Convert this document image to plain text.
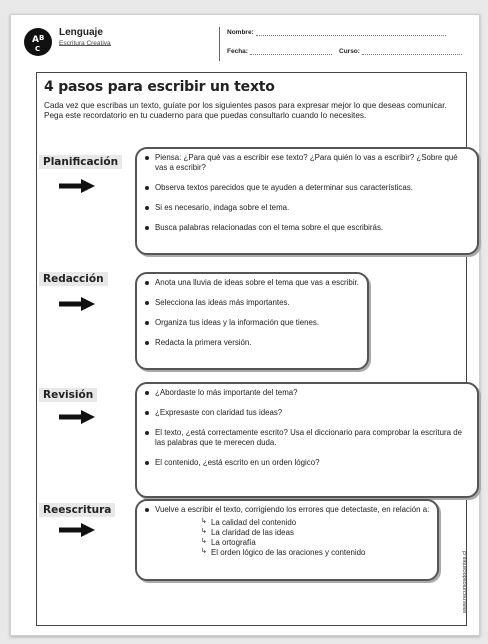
A B
C
Lenguaje
Escritura Creativa
Nombre:
Fecha:	Curso:
4 pasos para escribir un texto
Cada vez que escribas un texto, guíate por los siguientes pasos para expresar mejor lo que deseas comunicar. Pega este recordatorio en tu cuaderno para que puedas consultarlo cuando lo necesites.
Planificación	Piensa: ¿Para qué vas a escribir ese texto? ¿Para quién lo vas a escribir? ¿Sobre qué vas a escribir?
Observa textos parecidos que te ayuden a determinar sus características.
Si es necesario, indaga sobre el tema.
Busca palabras relacionadas con el tema sobre el que escribirás.
Redacción	Anota una lluvia de ideas sobre el tema que vas a escribir.
Selecciona las ideas más importantes.
Organiza tus ideas y la información que tienes.
Redacta la primera versión.
Revisión	¿Abordaste lo más importante del tema?
¿Expresaste con claridad tus ideas?
El texto, ¿está correctamente escrito? Usa el diccionario para comprobar la escritura de las palabras que te merecen duda.
El contenido, ¿está escrito en un orden lógico?
Reescritura	Vuelve a escribir el texto, corrigiendo los errores que detectaste, en relación a:
↳ La calidad del contenido
↳ La claridad de las ideas
↳ La ortografía
↳ El orden lógico de las oraciones y contenido	www.recursosdocentes.cl
